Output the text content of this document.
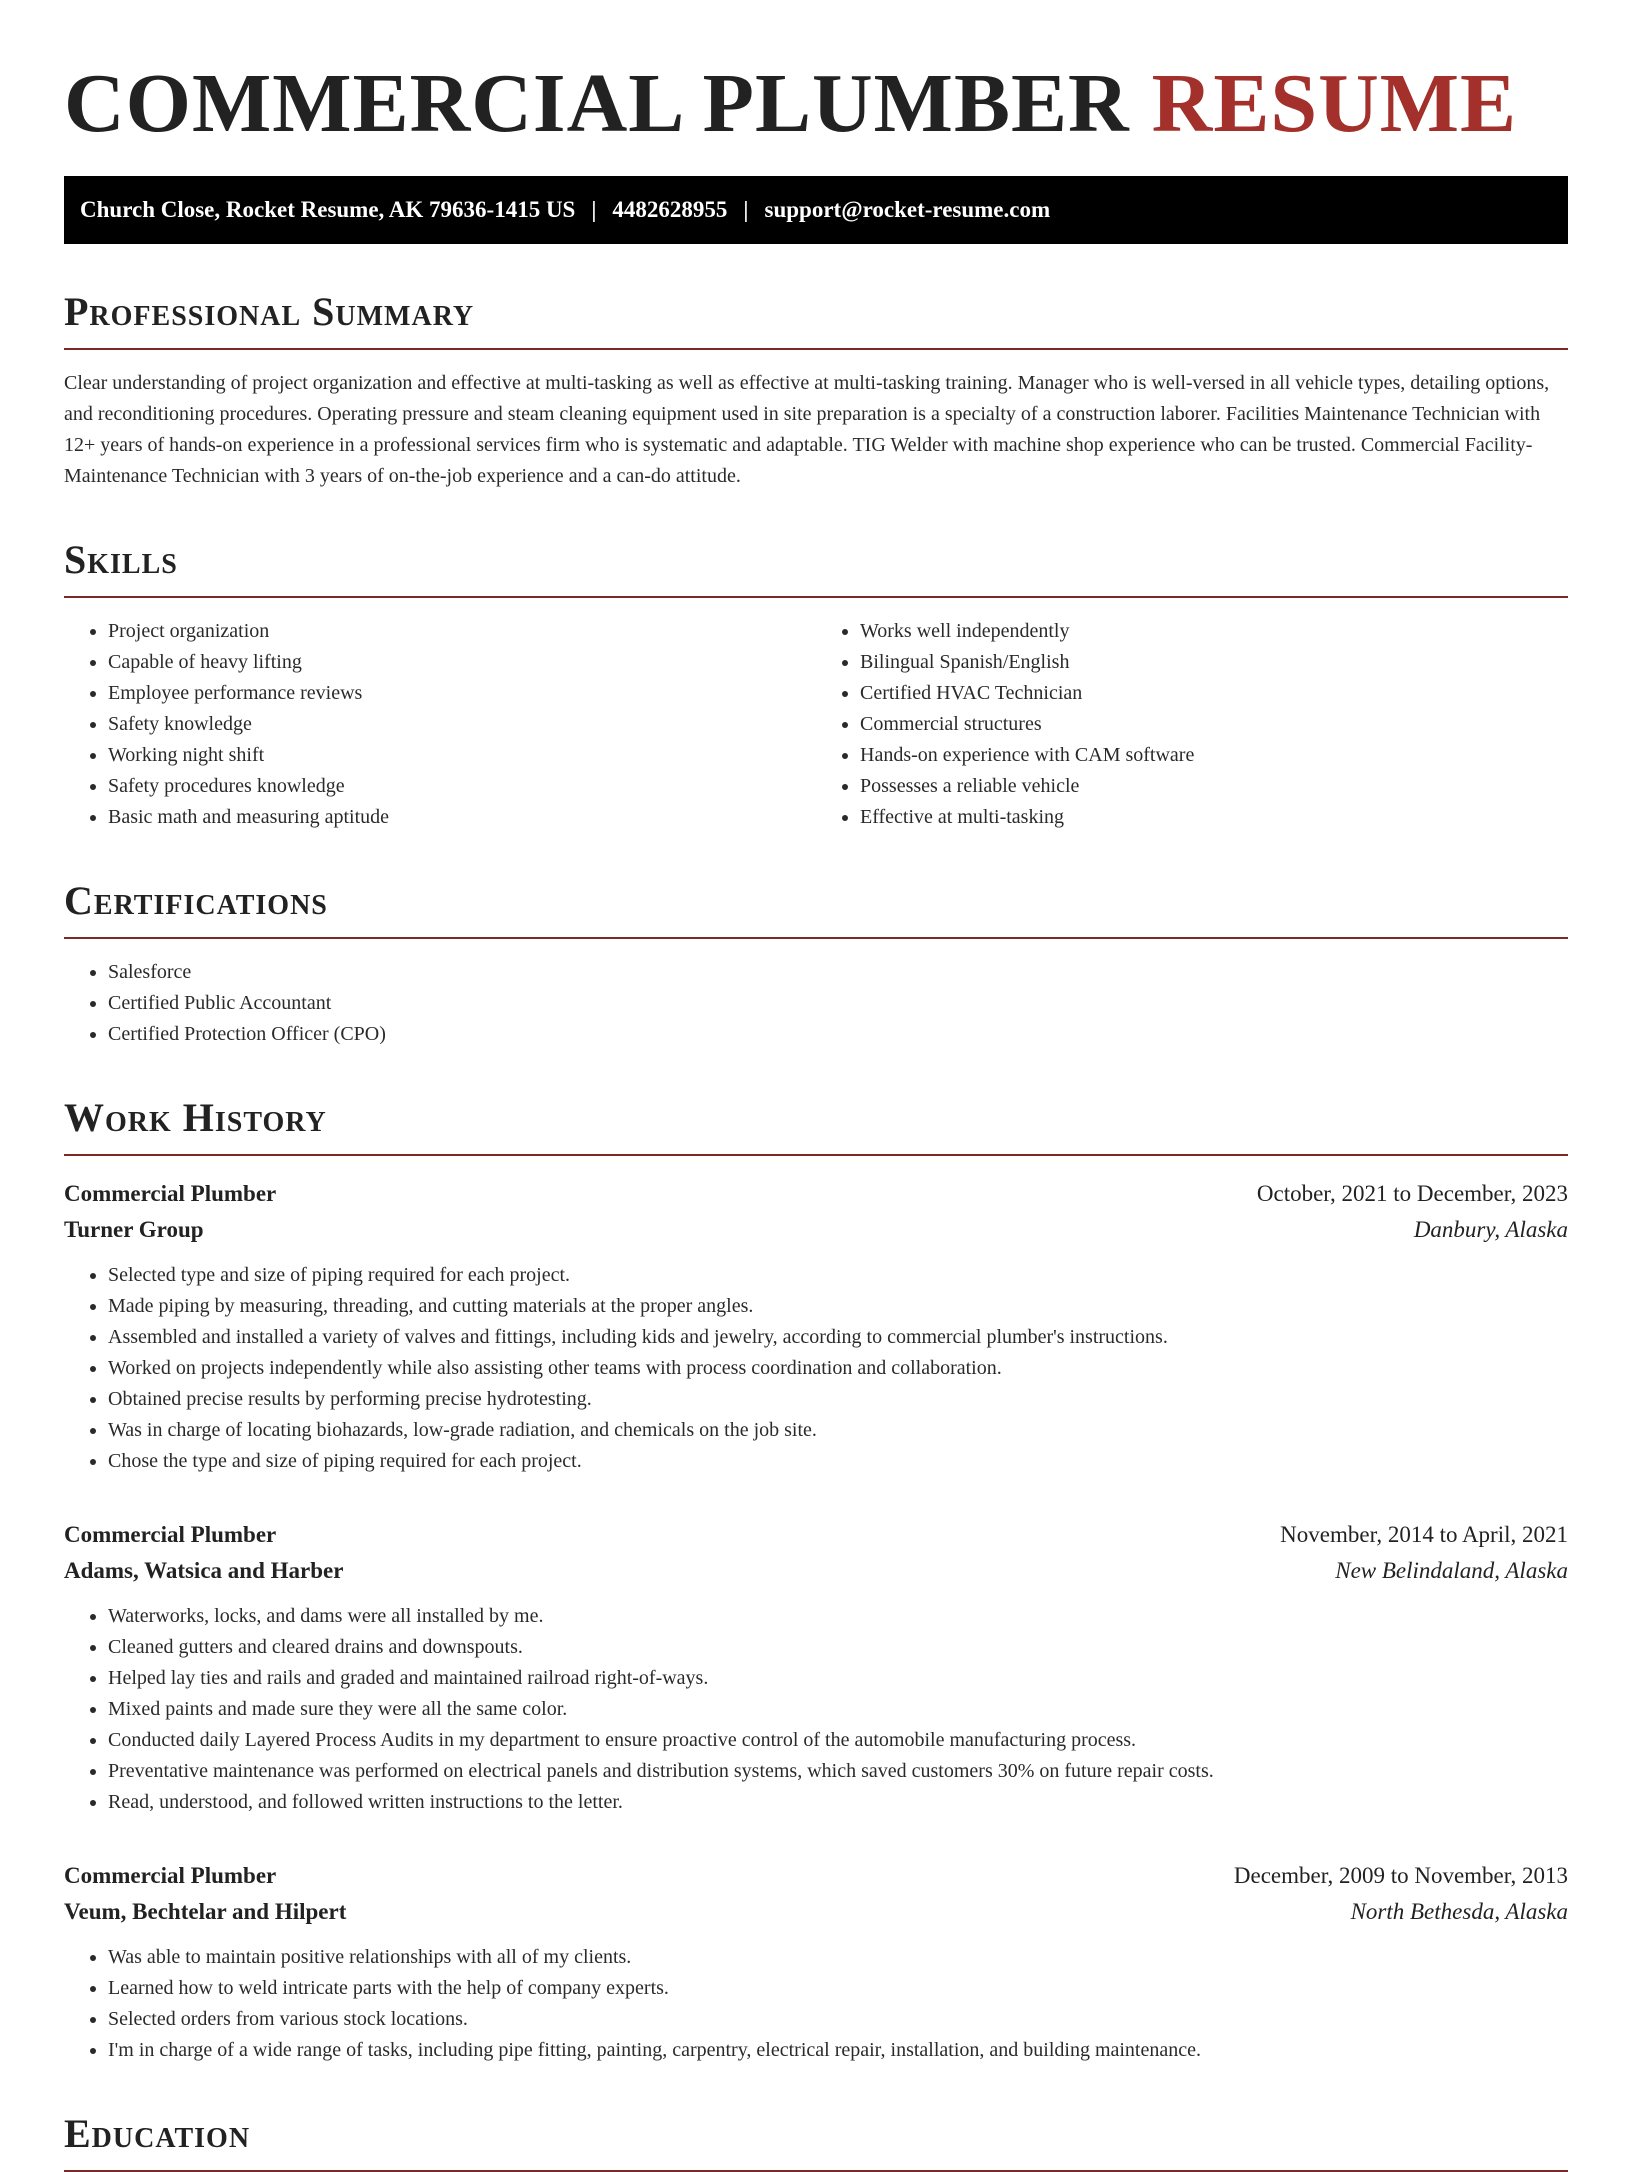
COMMERCIAL PLUMBER RESUME
Church Close, Rocket Resume, AK 79636-1415 US | 4482628955 | support@rocket-resume.com
Professional Summary

Clear understanding of project organization and effective at multi-tasking as well as effective at multi-tasking training. Manager who is well-versed in all vehicle types, detailing options, and reconditioning procedures. Operating pressure and steam cleaning equipment used in site preparation is a specialty of a construction laborer. Facilities Maintenance Technician with 12+ years of hands-on experience in a professional services firm who is systematic and adaptable. TIG Welder with machine shop experience who can be trusted. Commercial Facility-Maintenance Technician with 3 years of on-the-job experience and a can-do attitude.

Skills
• Project organization
• Capable of heavy lifting
• Employee performance reviews
• Safety knowledge
• Working night shift
• Safety procedures knowledge
• Basic math and measuring aptitude
• Works well independently
• Bilingual Spanish/English
• Certified HVAC Technician
• Commercial structures
• Hands-on experience with CAM software
• Possesses a reliable vehicle
• Effective at multi-tasking
Certifications
• Salesforce
• Certified Public Accountant
• Certified Protection Officer (CPO)
Work History
Commercial Plumber	October, 2021 to December, 2023
Turner Group	Danbury, Alaska
• Selected type and size of piping required for each project.
• Made piping by measuring, threading, and cutting materials at the proper angles.
• Assembled and installed a variety of valves and fittings, including kids and jewelry, according to commercial plumber's instructions.
• Worked on projects independently while also assisting other teams with process coordination and collaboration.
• Obtained precise results by performing precise hydrotesting.
• Was in charge of locating biohazards, low-grade radiation, and chemicals on the job site.
• Chose the type and size of piping required for each project.
Commercial Plumber	November, 2014 to April, 2021
Adams, Watsica and Harber	New Belindaland, Alaska
• Waterworks, locks, and dams were all installed by me.
• Cleaned gutters and cleared drains and downspouts.
• Helped lay ties and rails and graded and maintained railroad right-of-ways.
• Mixed paints and made sure they were all the same color.
• Conducted daily Layered Process Audits in my department to ensure proactive control of the automobile manufacturing process.
• Preventative maintenance was performed on electrical panels and distribution systems, which saved customers 30% on future repair costs.
• Read, understood, and followed written instructions to the letter.
Commercial Plumber	December, 2009 to November, 2013
Veum, Bechtelar and Hilpert	North Bethesda, Alaska
• Was able to maintain positive relationships with all of my clients.
• Learned how to weld intricate parts with the help of company experts.
• Selected orders from various stock locations.
• I'm in charge of a wide range of tasks, including pipe fitting, painting, carpentry, electrical repair, installation, and building maintenance.
Education
